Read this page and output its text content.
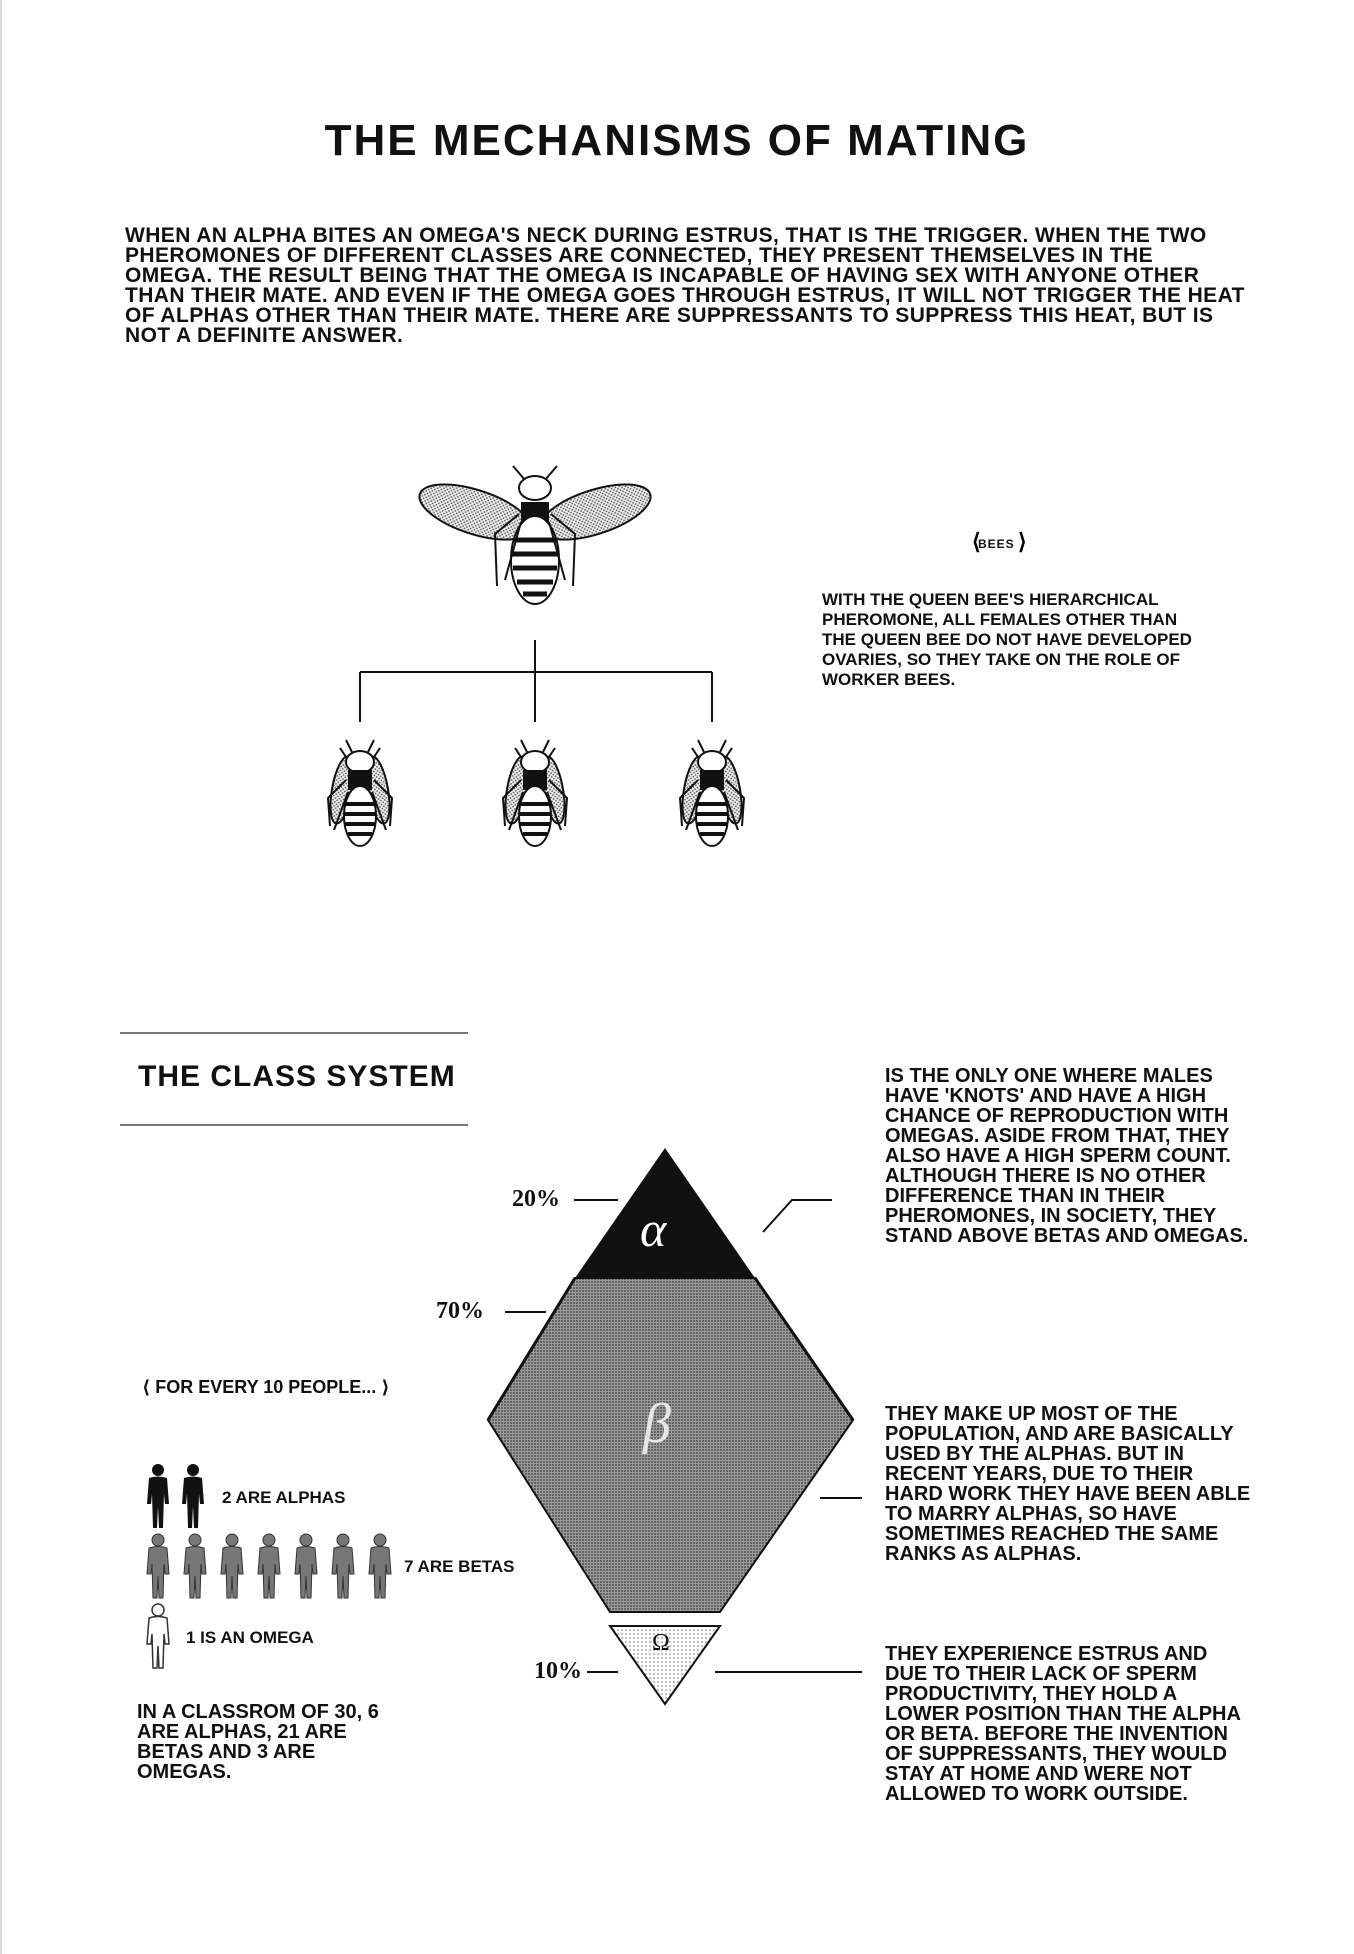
THE MECHANISMS OF MATING
WHEN AN ALPHA BITES AN OMEGA'S NECK DURING ESTRUS, THAT IS THE TRIGGER. WHEN THE TWO PHEROMONES OF DIFFERENT CLASSES ARE CONNECTED, THEY PRESENT THEMSELVES IN THE OMEGA. THE RESULT BEING THAT THE OMEGA IS INCAPABLE OF HAVING SEX WITH ANYONE OTHER THAN THEIR MATE. AND EVEN IF THE OMEGA GOES THROUGH ESTRUS, IT WILL NOT TRIGGER THE HEAT OF ALPHAS OTHER THAN THEIR MATE. THERE ARE SUPPRESSANTS TO SUPPRESS THIS HEAT, BUT IS NOT A DEFINITE ANSWER.
⟨ ⟩
BEES
WITH THE QUEEN BEE'S HIERARCHICAL PHEROMONE, ALL FEMALES OTHER THAN THE QUEEN BEE DO NOT HAVE DEVELOPED OVARIES, SO THEY TAKE ON THE ROLE OF WORKER BEES.
THE CLASS SYSTEM
α
β
Ω
20%
70%
10%
IS THE ONLY ONE WHERE MALES HAVE 'KNOTS' AND HAVE A HIGH CHANCE OF REPRODUCTION WITH OMEGAS. ASIDE FROM THAT, THEY ALSO HAVE A HIGH SPERM COUNT. ALTHOUGH THERE IS NO OTHER DIFFERENCE THAN IN THEIR PHEROMONES, IN SOCIETY, THEY STAND ABOVE BETAS AND OMEGAS.
THEY MAKE UP MOST OF THE POPULATION, AND ARE BASICALLY USED BY THE ALPHAS. BUT IN RECENT YEARS, DUE TO THEIR HARD WORK THEY HAVE BEEN ABLE TO MARRY ALPHAS, SO HAVE SOMETIMES REACHED THE SAME RANKS AS ALPHAS.
THEY EXPERIENCE ESTRUS AND DUE TO THEIR LACK OF SPERM PRODUCTIVITY, THEY HOLD A LOWER POSITION THAN THE ALPHA OR BETA. BEFORE THE INVENTION OF SUPPRESSANTS, THEY WOULD STAY AT HOME AND WERE NOT ALLOWED TO WORK OUTSIDE.
⟨ FOR EVERY 10 PEOPLE... ⟩
2 ARE ALPHAS
7 ARE BETAS
1 IS AN OMEGA
IN A CLASSROM OF 30, 6 ARE ALPHAS, 21 ARE BETAS AND 3 ARE OMEGAS.
